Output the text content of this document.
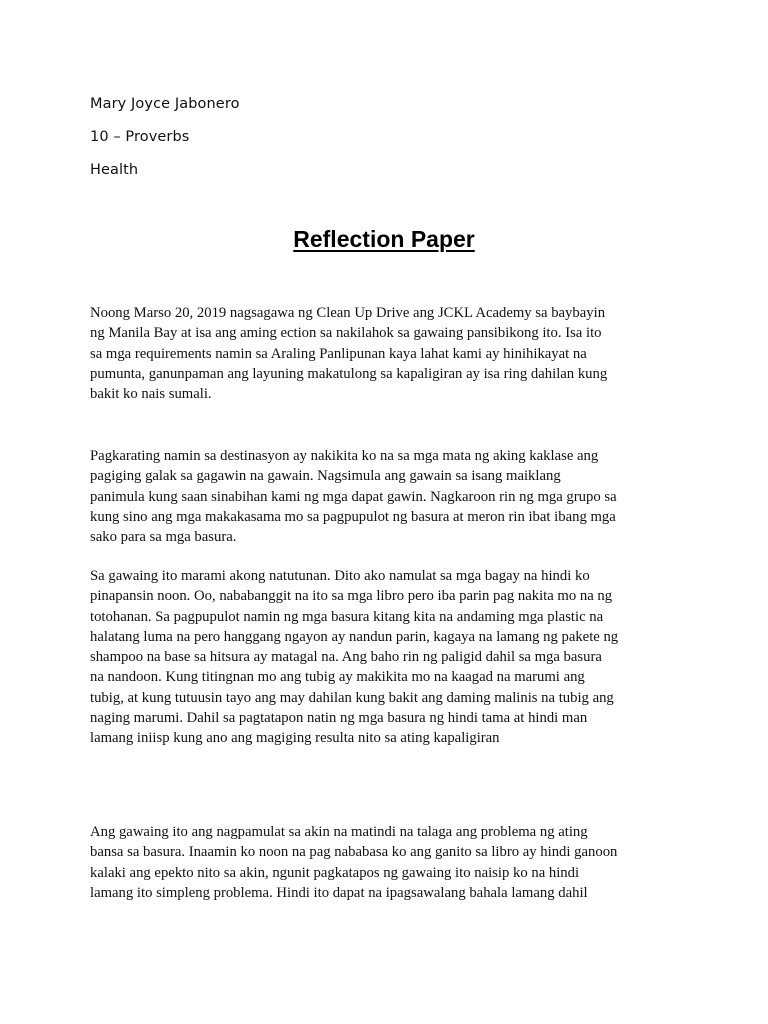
Mary Joyce Jabonero
10 – Proverbs
Health
Reflection Paper
Noong Marso 20, 2019 nagsagawa ng Clean Up Drive ang JCKL Academy sa baybayin
ng Manila Bay at isa ang aming ection sa nakilahok sa gawaing pansibikong ito. Isa ito
sa mga requirements namin sa Araling Panlipunan kaya lahat kami ay hinihikayat na
pumunta, ganunpaman ang layuning makatulong sa kapaligiran ay isa ring dahilan kung
bakit ko nais sumali.
Pagkarating namin sa destinasyon ay nakikita ko na sa mga mata ng aking kaklase ang
pagiging galak sa gagawin na gawain. Nagsimula ang gawain sa isang maiklang
panimula kung saan sinabihan kami ng mga dapat gawin. Nagkaroon rin ng mga grupo sa
kung sino ang mga makakasama mo sa pagpupulot ng basura at meron rin ibat ibang mga
sako para sa mga basura.
Sa gawaing ito marami akong natutunan. Dito ako namulat sa mga bagay na hindi ko
pinapansin noon. Oo, nababanggit na ito sa mga libro pero iba parin pag nakita mo na ng
totohanan. Sa pagpupulot namin ng mga basura kitang kita na andaming mga plastic na
halatang luma na pero hanggang ngayon ay nandun parin, kagaya na lamang ng pakete ng
shampoo na base sa hitsura ay matagal na. Ang baho rin ng paligid dahil sa mga basura
na nandoon. Kung titingnan mo ang tubig ay makikita mo na kaagad na marumi ang
tubig, at kung tutuusin tayo ang may dahilan kung bakit ang daming malinis na tubig ang
naging marumi. Dahil sa pagtatapon natin ng mga basura ng hindi tama at hindi man
lamang iniisp kung ano ang magiging resulta nito sa ating kapaligiran
Ang gawaing ito ang nagpamulat sa akin na matindi na talaga ang problema ng ating
bansa sa basura. Inaamin ko noon na pag nababasa ko ang ganito sa libro ay hindi ganoon
kalaki ang epekto nito sa akin, ngunit pagkatapos ng gawaing ito naisip ko na hindi
lamang ito simpleng problema. Hindi ito dapat na ipagsawalang bahala lamang dahil
